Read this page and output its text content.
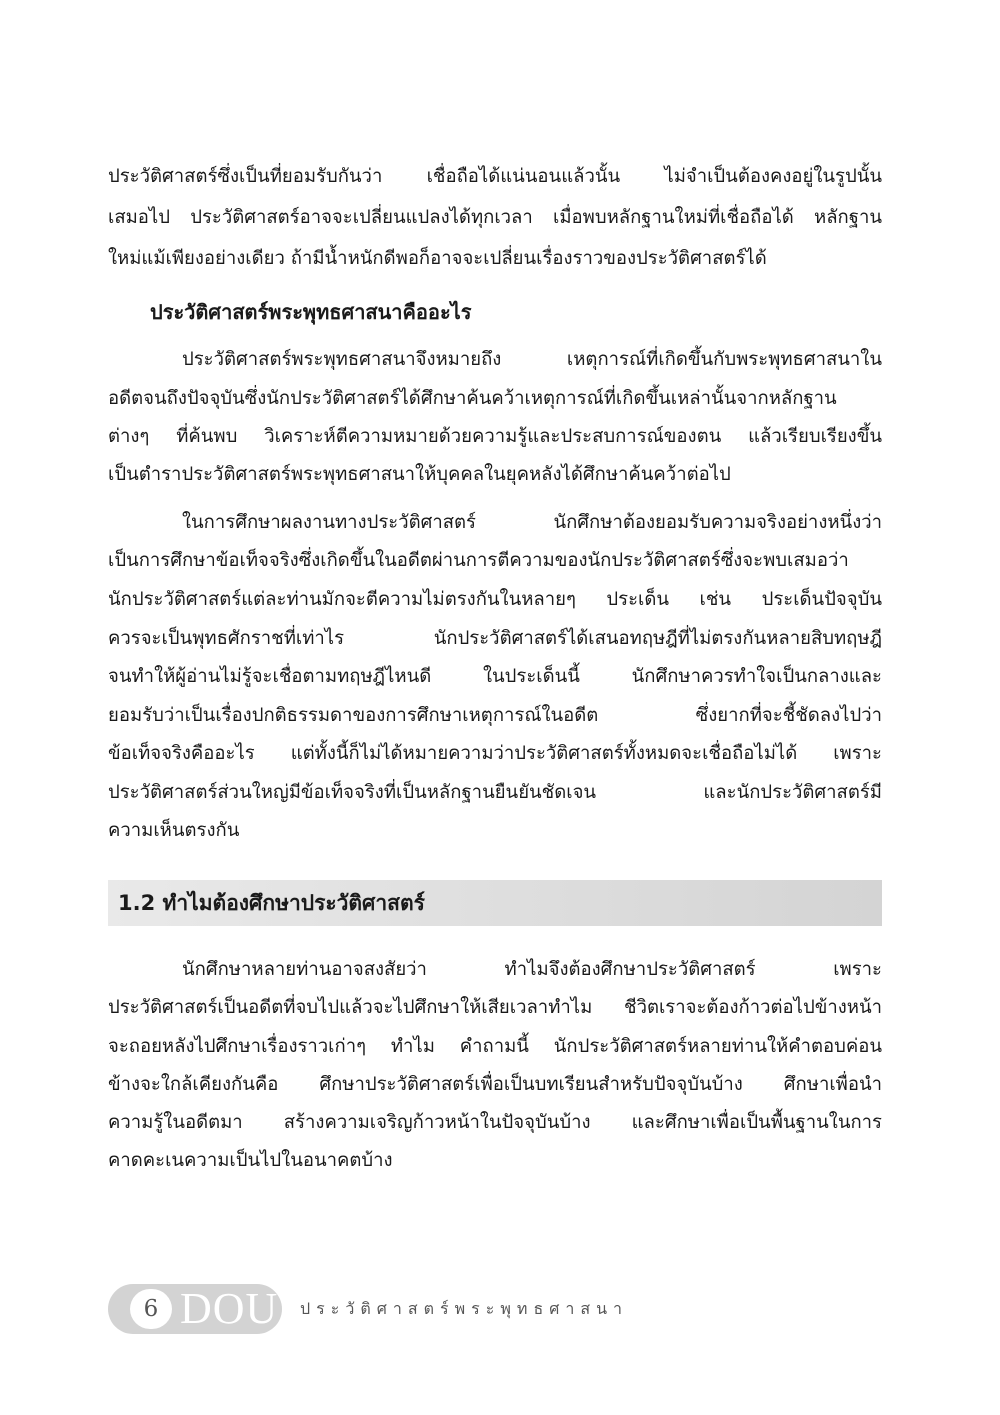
ประวัติศาสตร์ซึ่งเป็นที่ยอมรับกันว่า เชื่อถือได้แน่นอนแล้วนั้น ไม่จำเป็นต้องคงอยู่ในรูปนั้น
เสมอไป ประวัติศาสตร์อาจจะเปลี่ยนแปลงได้ทุกเวลา เมื่อพบหลักฐานใหม่ที่เชื่อถือได้ หลักฐาน
ใหม่แม้เพียงอย่างเดียว ถ้ามีน้ำหนักดีพอก็อาจจะเปลี่ยนเรื่องราวของประวัติศาสตร์ได้
ประวัติศาสตร์พระพุทธศาสนาคืออะไร
ประวัติศาสตร์พระพุทธศาสนาจึงหมายถึง เหตุการณ์ที่เกิดขึ้นกับพระพุทธศาสนาใน
อดีตจนถึงปัจจุบันซึ่งนักประวัติศาสตร์ได้ศึกษาค้นคว้าเหตุการณ์ที่เกิดขึ้นเหล่านั้นจากหลักฐาน
ต่างๆ ที่ค้นพบ วิเคราะห์ตีความหมายด้วยความรู้และประสบการณ์ของตน แล้วเรียบเรียงขึ้น
เป็นตำราประวัติศาสตร์พระพุทธศาสนาให้บุคคลในยุคหลังได้ศึกษาค้นคว้าต่อไป
ในการศึกษาผลงานทางประวัติศาสตร์ นักศึกษาต้องยอมรับความจริงอย่างหนึ่งว่า
เป็นการศึกษาข้อเท็จจริงซึ่งเกิดขึ้นในอดีตผ่านการตีความของนักประวัติศาสตร์ซึ่งจะพบเสมอว่า
นักประวัติศาสตร์แต่ละท่านมักจะตีความไม่ตรงกันในหลายๆ ประเด็น เช่น ประเด็นปัจจุบัน
ควรจะเป็นพุทธศักราชที่เท่าไร นักประวัติศาสตร์ได้เสนอทฤษฎีที่ไม่ตรงกันหลายสิบทฤษฎี
จนทำให้ผู้อ่านไม่รู้จะเชื่อตามทฤษฎีไหนดี ในประเด็นนี้ นักศึกษาควรทำใจเป็นกลางและ
ยอมรับว่าเป็นเรื่องปกติธรรมดาของการศึกษาเหตุการณ์ในอดีต ซึ่งยากที่จะชี้ชัดลงไปว่า
ข้อเท็จจริงคืออะไร แต่ทั้งนี้ก็ไม่ได้หมายความว่าประวัติศาสตร์ทั้งหมดจะเชื่อถือไม่ได้ เพราะ
ประวัติศาสตร์ส่วนใหญ่มีข้อเท็จจริงที่เป็นหลักฐานยืนยันชัดเจน และนักประวัติศาสตร์มี
ความเห็นตรงกัน
1.2 ทำไมต้องศึกษาประวัติศาสตร์
นักศึกษาหลายท่านอาจสงสัยว่า ทำไมจึงต้องศึกษาประวัติศาสตร์ เพราะ
ประวัติศาสตร์เป็นอดีตที่จบไปแล้วจะไปศึกษาให้เสียเวลาทำไม ชีวิตเราจะต้องก้าวต่อไปข้างหน้า
จะถอยหลังไปศึกษาเรื่องราวเก่าๆ ทำไม คำถามนี้ นักประวัติศาสตร์หลายท่านให้คำตอบค่อน
ข้างจะใกล้เคียงกันคือ ศึกษาประวัติศาสตร์เพื่อเป็นบทเรียนสำหรับปัจจุบันบ้าง ศึกษาเพื่อนำ
ความรู้ในอดีตมา สร้างความเจริญก้าวหน้าในปัจจุบันบ้าง และศึกษาเพื่อเป็นพื้นฐานในการ
คาดคะเนความเป็นไปในอนาคตบ้าง
6 DOU ประวัติศาสตร์พระพุทธศาสนา
